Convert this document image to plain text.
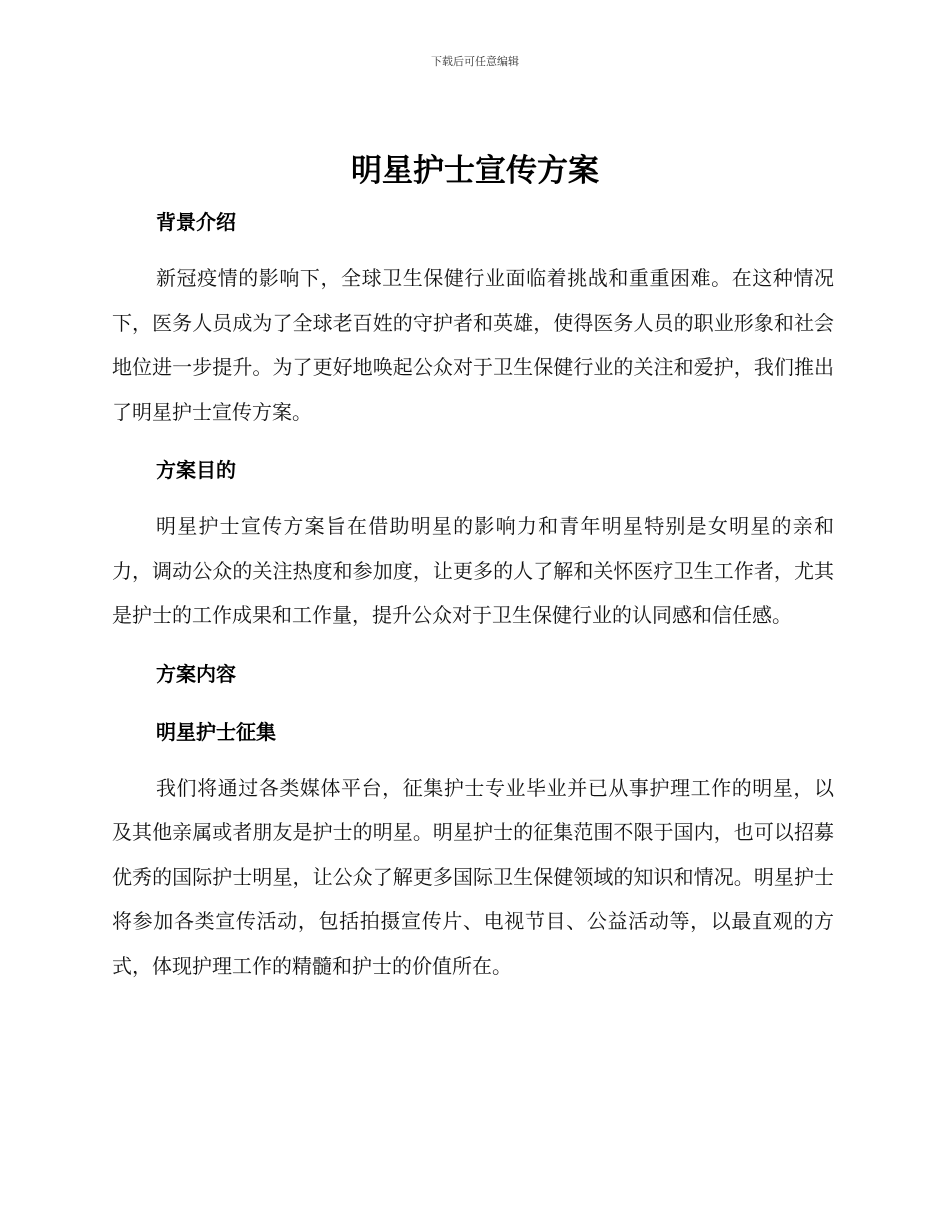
下载后可任意编辑
明星护士宣传方案
背景介绍

新冠疫情的影响下，全球卫生保健行业面临着挑战和重重困难。在这种情况下，医务人员成为了全球老百姓的守护者和英雄，使得医务人员的职业形象和社会地位进一步提升。为了更好地唤起公众对于卫生保健行业的关注和爱护，我们推出了明星护士宣传方案。

方案目的

明星护士宣传方案旨在借助明星的影响力和青年明星特别是女明星的亲和力，调动公众的关注热度和参加度，让更多的人了解和关怀医疗卫生工作者，尤其是护士的工作成果和工作量，提升公众对于卫生保健行业的认同感和信任感。

方案内容
明星护士征集

我们将通过各类媒体平台，征集护士专业毕业并已从事护理工作的明星，以及其他亲属或者朋友是护士的明星。明星护士的征集范围不限于国内，也可以招募优秀的国际护士明星，让公众了解更多国际卫生保健领域的知识和情况。明星护士将参加各类宣传活动，包括拍摄宣传片、电视节目、公益活动等，以最直观的方式，体现护理工作的精髓和护士的价值所在。
